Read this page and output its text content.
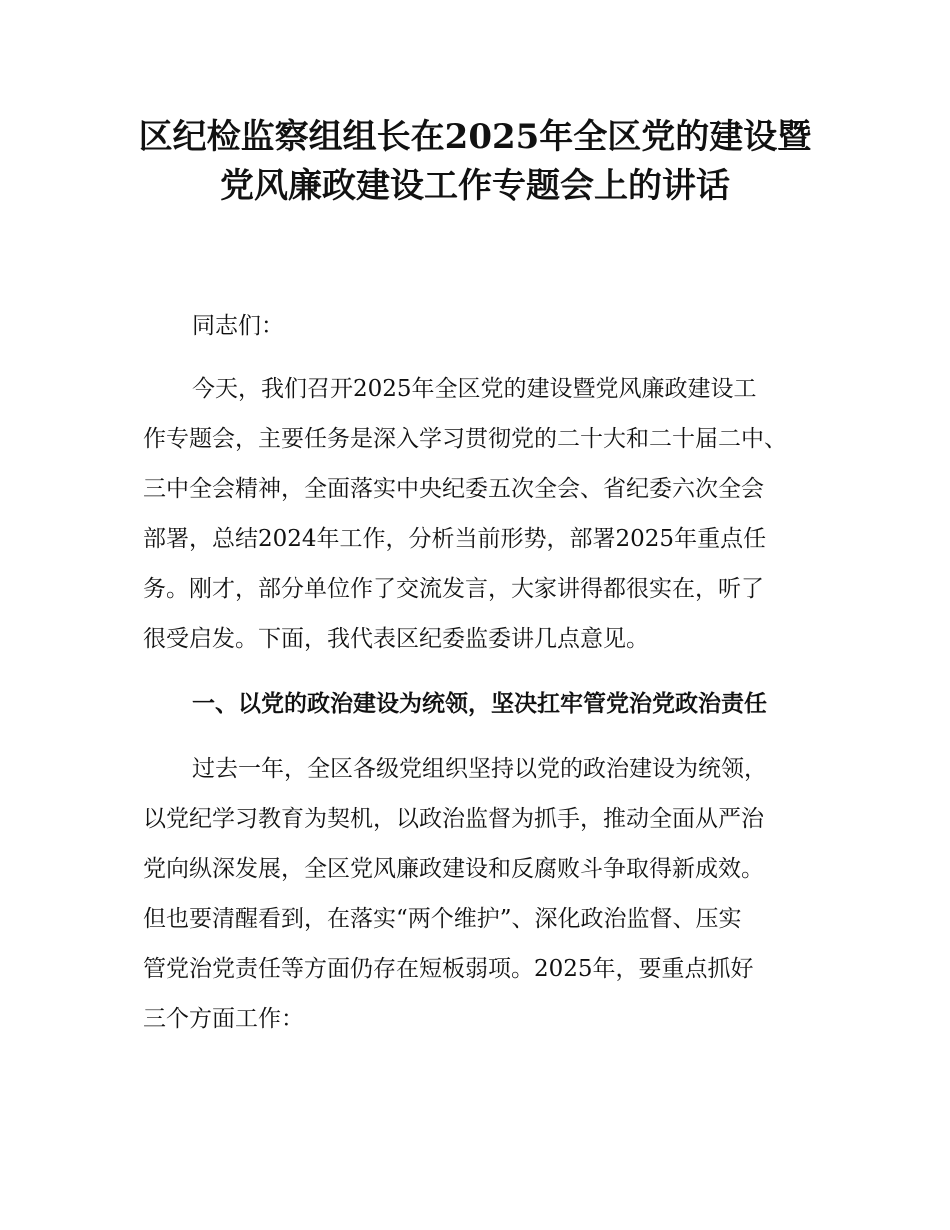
区纪检监察组组长在2025年全区党的建设暨
党风廉政建设工作专题会上的讲话
同志们：
今天，我们召开2025年全区党的建设暨党风廉政建设工
作专题会，主要任务是深入学习贯彻党的二十大和二十届二中、
三中全会精神，全面落实中央纪委五次全会、省纪委六次全会
部署，总结2024年工作，分析当前形势，部署2025年重点任
务。刚才，部分单位作了交流发言，大家讲得都很实在，听了
很受启发。下面，我代表区纪委监委讲几点意见。
一、以党的政治建设为统领，坚决扛牢管党治党政治责任
过去一年，全区各级党组织坚持以党的政治建设为统领，
以党纪学习教育为契机，以政治监督为抓手，推动全面从严治
党向纵深发展，全区党风廉政建设和反腐败斗争取得新成效。
但也要清醒看到，在落实“两个维护”、深化政治监督、压实
管党治党责任等方面仍存在短板弱项。2025年，要重点抓好
三个方面工作：
